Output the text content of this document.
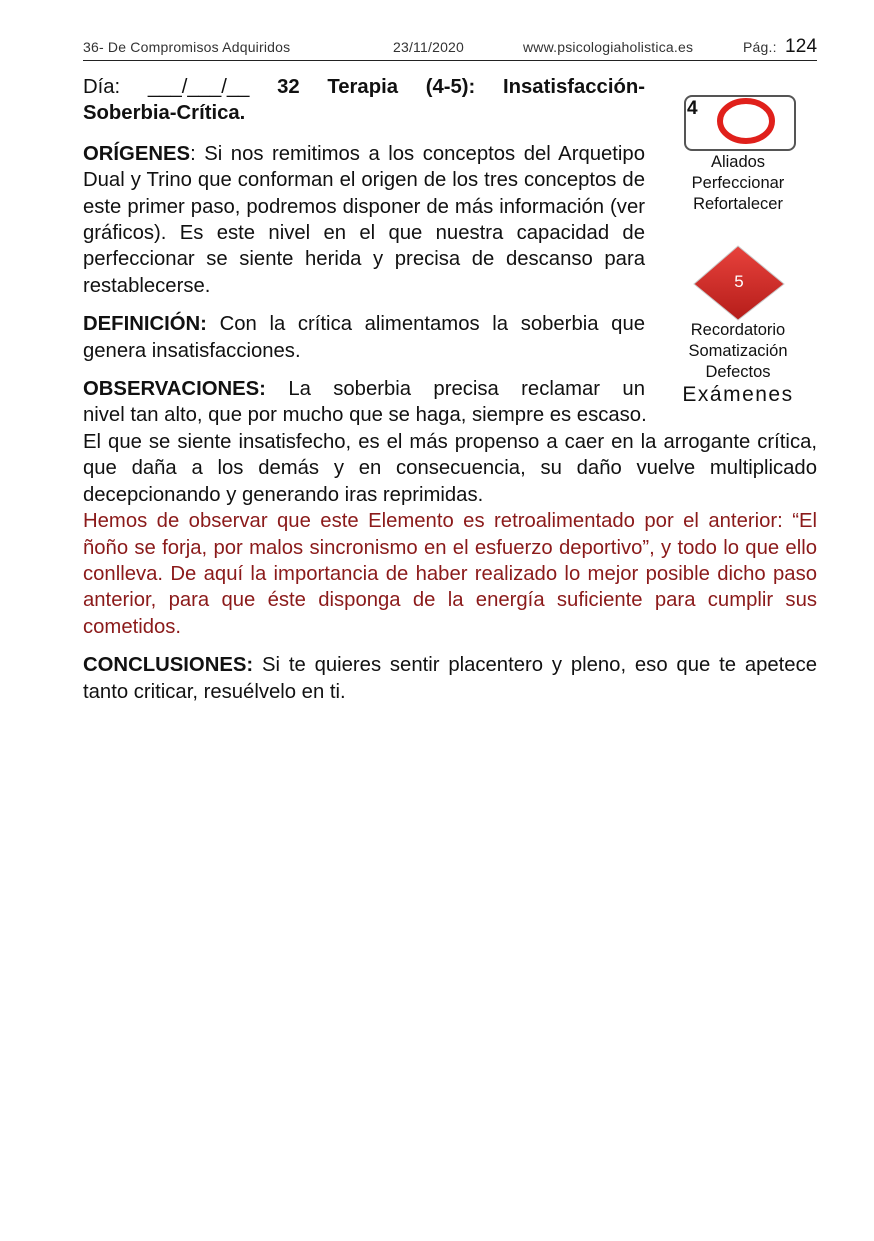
36- De Compromisos Adquiridos	23/11/2020	www.psicologiaholistica.es	Pág.: 124

Día: ___/___/__ 32 Terapia (4-5): Insatisfacción-

Soberbia-Crítica.

ORÍGENES: Si nos remitimos a los conceptos del Arquetipo Dual y Trino que conforman el origen de los tres conceptos de este primer paso, podremos disponer de más información (ver gráficos). Es este nivel en el que nuestra capacidad de perfeccionar se siente herida y precisa de descanso para restablecerse.

DEFINICIÓN: Con la crítica alimentamos la soberbia que genera insatisfacciones.

OBSERVACIONES: La soberbia precisa reclamar un

nivel tan alto, que por mucho que se haga, siempre es escaso.

El que se siente insatisfecho, es el más propenso a caer en la arrogante crítica, que daña a los demás y en consecuencia, su daño vuelve multiplicado decepcionando y generando iras reprimidas.

Hemos de observar que este Elemento es retroalimentado por el anterior: “El ñoño se forja, por malos sincronismo en el esfuerzo deportivo”, y todo lo que ello conlleva. De aquí la importancia de haber realizado lo mejor posible dicho paso anterior, para que éste disponga de la energía suficiente para cumplir sus cometidos.

CONCLUSIONES: Si te quieres sentir placentero y pleno, eso que te apetece tanto criticar, resuélvelo en ti.

4
Aliados
Perfeccionar
Refortalecer
5
Recordatorio
Somatización
Defectos
Exámenes
